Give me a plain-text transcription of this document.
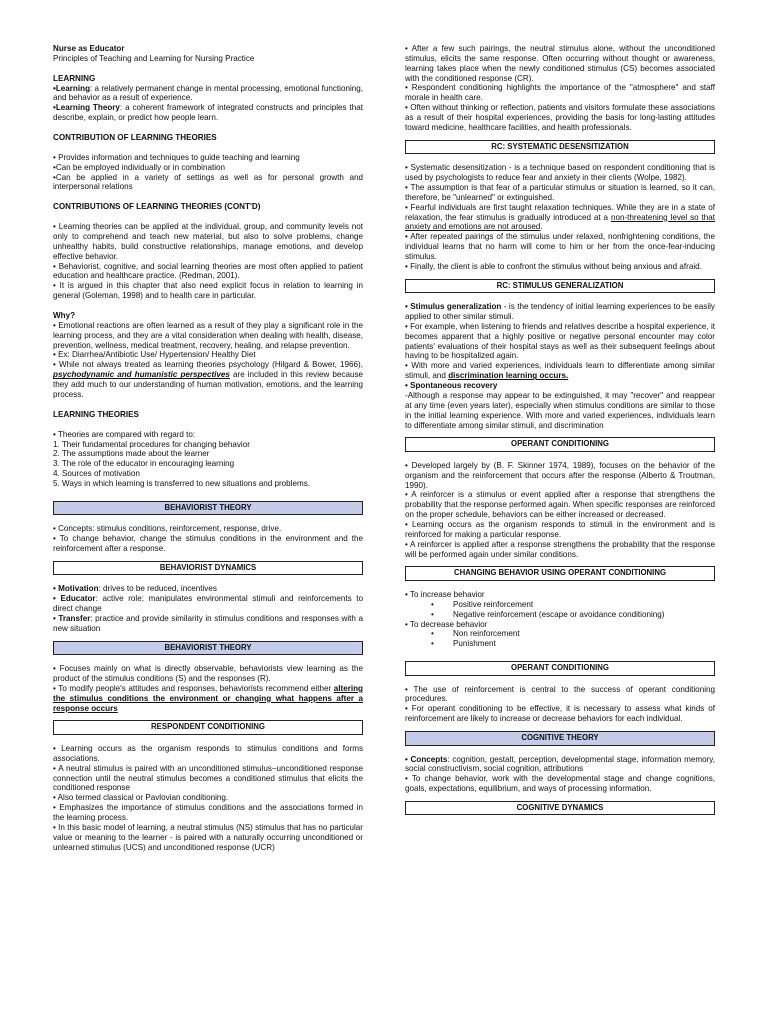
Nurse as Educator
Principles of Teaching and Learning for Nursing Practice
LEARNING

•Learning: a relatively permanent change in mental processing, emotional functioning, and behavior as a result of experience.

•Learning Theory: a coherent framework of integrated constructs and principles that describe, explain, or predict how people learn.

CONTRIBUTION OF LEARNING THEORIES

• Provides information and techniques to guide teaching and learning

•Can be employed individually or in combination

•Can be applied in a variety of settings as well as for personal growth and interpersonal relations

CONTRIBUTIONS OF LEARNING THEORIES (CONT'D)

• Learning theories can be applied at the individual, group, and community levels not only to comprehend and teach new material, but also to solve problems, change unhealthy habits, build constructive relationships, manage emotions, and develop effective behavior.

• Behaviorist, cognitive, and social learning theories are most often applied to patient education and healthcare practice. (Redman, 2001).

• It is argued in this chapter that also need explicit focus in relation to learning in general (Goleman, 1998) and to health care in particular.

Why?

• Emotional reactions are often learned as a result of they play a significant role in the learning process, and they are a vital consideration when dealing with health, disease, prevention, wellness, medical treatment, recovery, healing, and relapse prevention.

• Ex: Diarrhea/Antibiotic Use/ Hypertension/ Healthy Diet

• While not always treated as learning theories psychology (Hilgard & Bower, 1966), psychodynamic and humanistic perspectives are included in this review because they add much to our understanding of human motivation, emotions, and the learning process.

LEARNING THEORIES

• Theories are compared with regard to:

1. Their fundamental procedures for changing behavior

2. The assumptions made about the learner

3. The role of the educator in encouraging learning

4. Sources of motivation

5. Ways in which learning is transferred to new situations and problems.

BEHAVIORIST THEORY

• Concepts: stimulus conditions, reinforcement, response, drive.

• To change behavior, change the stimulus conditions in the environment and the reinforcement after a response.

BEHAVIORIST DYNAMICS

• Motivation: drives to be reduced, incentives

• Educator: active role; manipulates environmental stimuli and reinforcements to direct change

• Transfer: practice and provide similarity in stimulus conditions and responses with a new situation

BEHAVIORIST THEORY

• Focuses mainly on what is directly observable, behaviorists view learning as the product of the stimulus conditions (S) and the responses (R).

• To modify people's attitudes and responses, behaviorists recommend either altering the stimulus conditions the environment or changing what happens after a response occurs

RESPONDENT CONDITIONING

• Learning occurs as the organism responds to stimulus conditions and forms associations.

• A neutral stimulus is paired with an unconditioned stimulus–unconditioned response connection until the neutral stimulus becomes a conditioned stimulus that elicits the conditioned response

• Also termed classical or Pavlovian conditioning.

• Emphasizes the importance of stimulus conditions and the associations formed in the learning process.

• In this basic model of learning, a neutral stimulus (NS) stimulus that has no particular value or meaning to the learner - is paired with a naturally occurring unconditioned or unlearned stimulus (UCS) and unconditioned response (UCR)

• After a few such pairings, the neutral stimulus alone, without the unconditioned stimulus, elicits the same response. Often occurring without thought or awareness, learning takes place when the newly conditioned stimulus (CS) becomes associated with the conditioned response (CR).

• Respondent conditioning highlights the importance of the "atmosphere" and staff morale in health care.

• Often without thinking or reflection, patients and visitors formulate these associations as a result of their hospital experiences, providing the basis for long-lasting attitudes toward medicine, healthcare facilities, and health professionals.

RC: SYSTEMATIC DESENSITIZATION

• Systematic desensitization - is a technique based on respondent conditioning that is used by psychologists to reduce fear and anxiety in their clients (Wolpe, 1982).

• The assumption is that fear of a particular stimulus or situation is learned, so it can, therefore, be "unlearned" or extinguished.

• Fearful individuals are first taught relaxation techniques. While they are in a state of relaxation, the fear stimulus is gradually introduced at a non-threatening level so that anxiety and emotions are not aroused.

• After repeated pairings of the stimulus under relaxed, nonfrightening conditions, the individual learns that no harm will come to him or her from the once-fear-inducing stimulus.

• Finally, the client is able to confront the stimulus without being anxious and afraid.

RC: STIMULUS GENERALIZATION

• Stimulus generalization - is the tendency of initial learning experiences to be easily applied to other similar stimuli.

• For example, when listening to friends and relatives describe a hospital experience, it becomes apparent that a highly positive or negative personal encounter may color patients' evaluations of their hospital stays as well as their subsequent feelings about having to be hospitalized again.

• With more and varied experiences, individuals learn to differentiate among similar stimuli, and discrimination learning occurs.

• Spontaneous recovery

-Although a response may appear to be extinguished, it may "recover" and reappear at any time (even years later), especially when stimulus conditions are similar to those in the initial learning experience. With more and varied experiences, individuals learn to differentiate among similar stimuli, and discrimination

OPERANT CONDITIONING

• Developed largely by (B. F. Skinner 1974, 1989), focuses on the behavior of the organism and the reinforcement that occurs after the response (Alberto & Troutman, 1990).

• A reinforcer is a stimulus or event applied after a response that strengthens the probability that the response performed again. When specific responses are reinforced on the proper schedule, behaviors can be either increased or decreased.

• Learning occurs as the organism responds to stimuli in the environment and is reinforced for making a particular response.

• A reinforcer is applied after a response strengthens the probability that the response will be performed again under similar conditions.

CHANGING BEHAVIOR USING OPERANT CONDITIONING

• To increase behavior

• Positive reinforcement
• Negative reinforcement (escape or avoidance conditioning)

• To decrease behavior

• Non reinforcement
• Punishment
OPERANT CONDITIONING

• The use of reinforcement is central to the success of operant conditioning procedures.

• For operant conditioning to be effective, it is necessary to assess what kinds of reinforcement are likely to increase or decrease behaviors for each individual.

COGNITIVE THEORY

• Concepts: cognition, gestalt, perception, developmental stage, information memory, social constructivism, social cognition, attributions

• To change behavior, work with the developmental stage and change cognitions, goals, expectations, equilibrium, and ways of processing information.

COGNITIVE DYNAMICS
